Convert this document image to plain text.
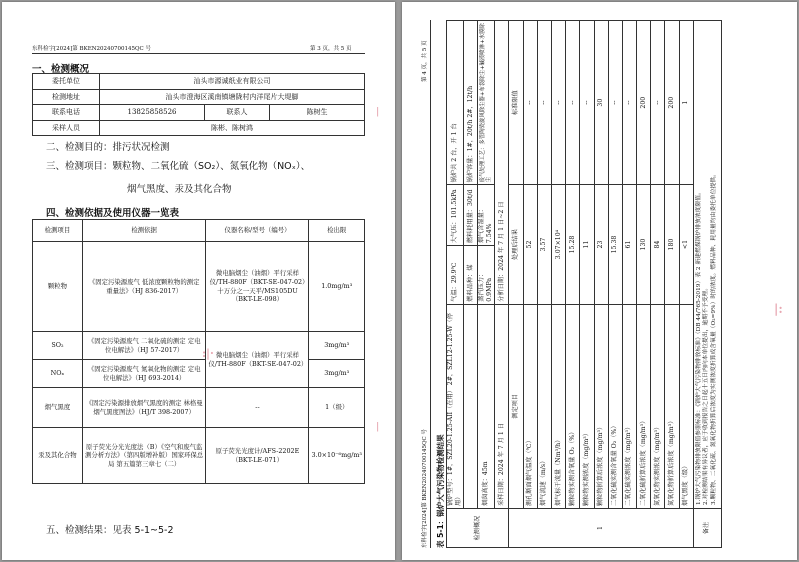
东科检字[2024]第 BKEN20240700145QC 号	第 3 页，共 5 页
一、检测概况
委托单位	汕头市源诚纸业有限公司		
检测地址	汕头市澄海区溪南镇塘陇村内洋尾片大堤脚		
联系电话	13825858526	联系人	陈树生
采样人员	陈彬、陈树鸿		
二、检测目的：排污状况检测
三、检测项目：颗粒物、二氧化硫（SO₂）、氮氧化物（NOₓ）、
烟气黑度、汞及其化合物
四、检测依据及使用仪器一览表
检测项目	检测依据	仪器名称/型号（编号）	检出限
颗粒物	《固定污染源废气 低浓度颗粒物的测定 重量法》（HJ 836-2017）	微电脑烟尘（油烟）平行采样仪/TH-880F（BKT-SE-047-02）十万分之一天平/MS105DU（BKT-LE-098）	1.0mg/m³
SO₂	《固定污染源废气 二氧化硫的测定 定电位电解法》（HJ 57-2017）	微电脑烟尘（油烟）平行采样仪/TH-880F（BKT-SE-047-02）	3mg/m³
NOₓ	《固定污染源废气 氮氧化物的测定 定电位电解法》（HJ 693-2014）		3mg/m³
烟气黑度	《固定污染源排放烟气黑度的测定 林格曼烟气黑度图法》（HJ/T 398-2007）	--	1（级）
汞及其化合物	原子荧光分光光度法（B）《空气和废气监测分析方法》（第四版增补版）国家环保总局 第五篇第三章七（二）	原子荧光光度计/AFS-2202E（BKT-LE-071）	3.0×10⁻⁶mg/m³
五、检测结果：见表 5-1~5-2
:|·
|
|
东科检字[2024]第 BKEN20240700145QC 号
第 4 页，共 5 页
表 5-1：锅炉大气污染物检测结果	检测概况	锅炉型号：1#，SZL20-1.25-AII（在用） 2#，SZL12-1.25-W（停用）	气温：29.9℃	大气压：101.5kPa	锅炉共 2 台，开 1 台
		燃料品种：煤	燃料耗用量：30t/d	锅炉容量：1#，20t/h 2#，12t/h
	烟囱高度：45m	蒸汽压力：0.9MPa	烟气含湿量：7.54%	废气处理工艺：多管陶瓷旋风除尘器+布袋除尘+碱液喷淋+水膜除尘
	采样日期：2024 年 7 月 1 日	分析日期：2024 年 7 月 1 日~2 日		
1	测定项目	处理后结果		标准限值
	测孔断面烟气温度（℃）	52		--
	烟气流速（m/s）	3.57		--
	烟气标干流量（Nm³/h）	3.07×10⁴		--
	颗粒物实测含氧量 O₂（%）	15.28		--
	颗粒物实测浓度（mg/m³）	11		--
	颗粒物折算后浓度（mg/m³）	23		30
	二氧化硫实测含氧量 O₂（%）	15.38		--
	二氧化硫实测浓度（mg/m³）	61		--
	二氧化硫折算后浓度（mg/m³）	130		200
	氮氧化物实测浓度（mg/m³）	84		--
	氮氧化物折算后浓度（mg/m³）	180		200
	烟气黑度（级）	<1		1
备注	1.锅炉大气污染物排放限值参照标准：《锅炉大气污染物排放标准》（DB 44/765-2019）表 2 新建燃煤锅炉排放浓度限值。 2.对检测结果有异议者，应于收到报告之日起十五日内向本单位提出，逾期不予受理。 3.颗粒物、二氧化硫、氮氧化物折算后浓度为实测浓度折算成含氧量（O₂=9%）时的浓度。燃料品种、耗用量均由委托单位提供。				|:
